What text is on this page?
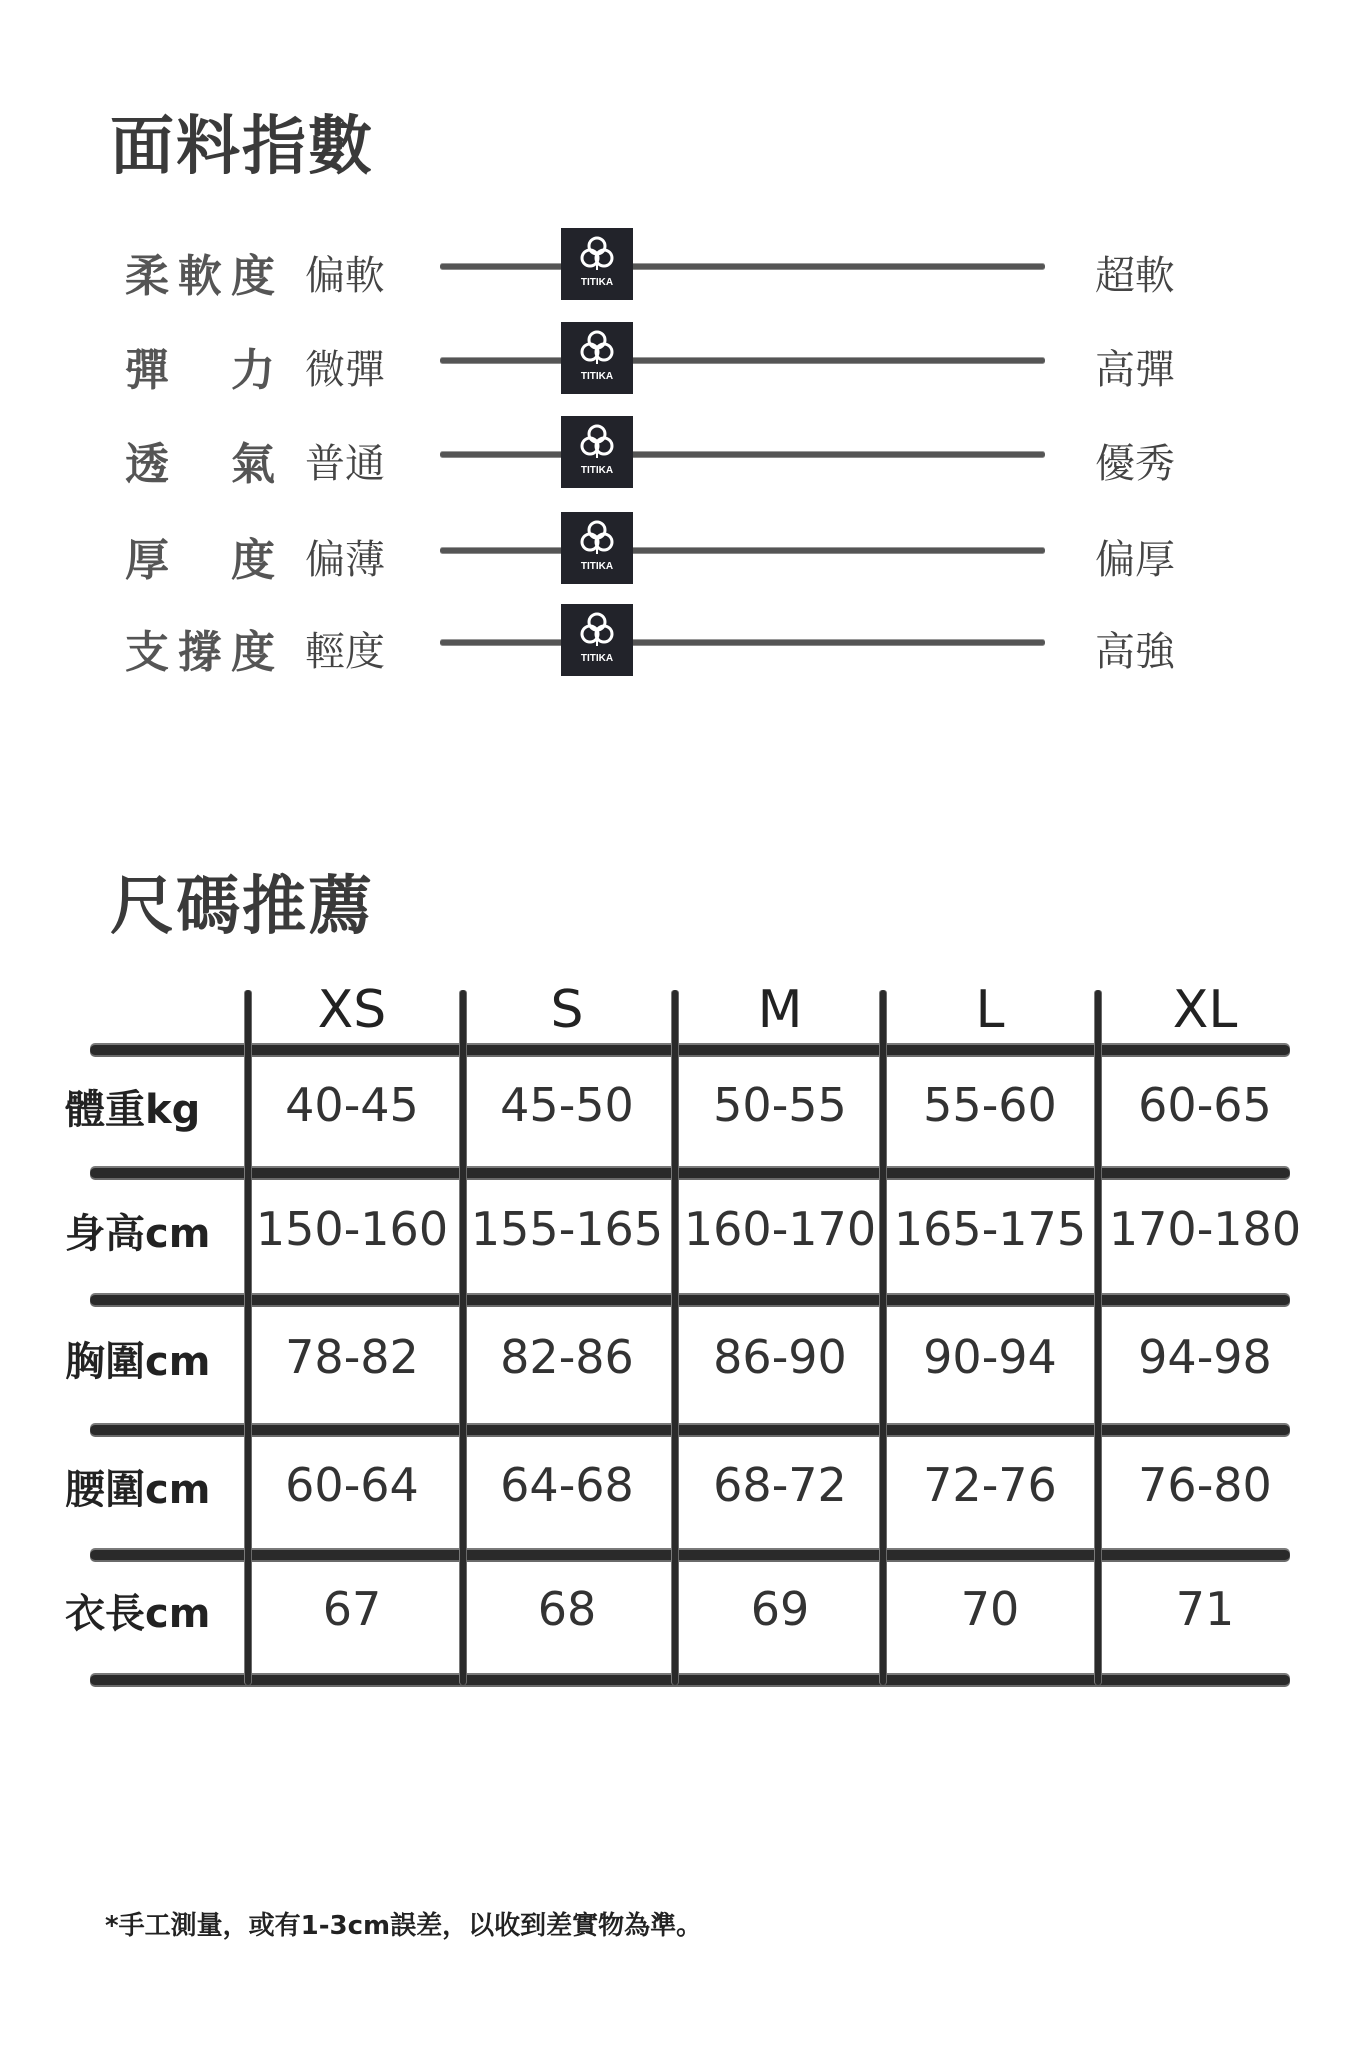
面料指數
柔軟度 偏軟	TITIKA	超軟
彈力 微彈	TITIKA	高彈
透氣 普通	TITIKA	優秀
厚度 偏薄	TITIKA	偏厚
支撐度 輕度	TITIKA	高強
尺碼推薦
XS	S	M	L	XL
體重kg	40-45	45-50	50-55	55-60	60-65
身高cm 150-160 155-165 160-170 165-175 170-180
胸圍cm	78-82	82-86	86-90	90-94	94-98
腰圍cm	60-64	64-68	68-72	72-76	76-80
衣長cm	67	68	69	70	71
*手工測量，或有1-3cm誤差，以收到差實物為準。
